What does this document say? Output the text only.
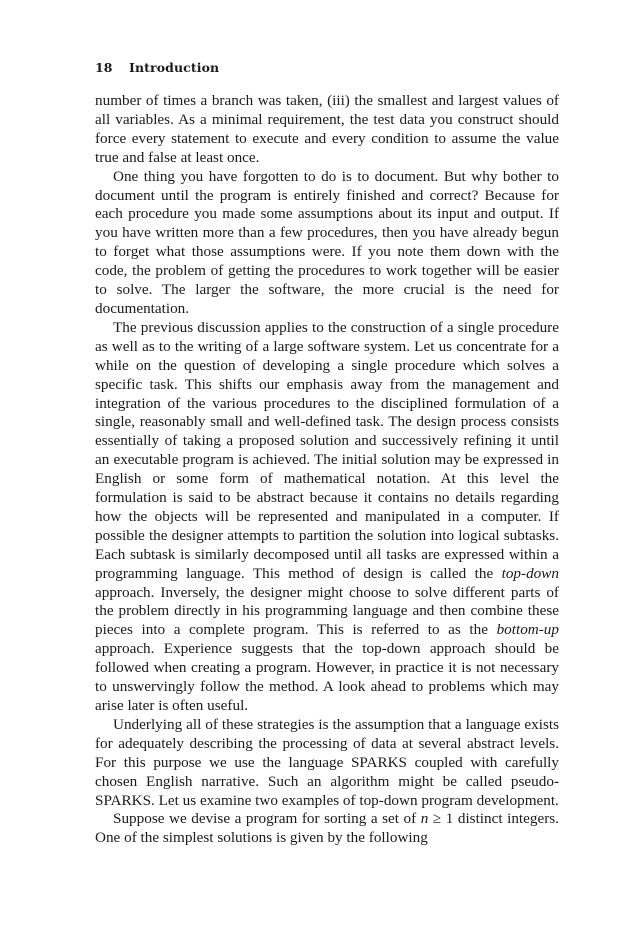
18 Introduction

number of times a branch was taken, (iii) the smallest and largest values of all variables. As a minimal requirement, the test data you construct should force every statement to execute and every condition to assume the value true and false at least once.

One thing you have forgotten to do is to document. But why bother to document until the program is entirely finished and correct? Because for each procedure you made some assumptions about its input and output. If you have written more than a few procedures, then you have already begun to forget what those assumptions were. If you note them down with the code, the problem of getting the procedures to work together will be easier to solve. The larger the software, the more crucial is the need for documentation.

The previous discussion applies to the construction of a single procedure as well as to the writing of a large software system. Let us concentrate for a while on the question of developing a single procedure which solves a specific task. This shifts our emphasis away from the management and integration of the various procedures to the disciplined formulation of a single, reasonably small and well-defined task. The design process consists essentially of taking a proposed solution and successively refining it until an executable program is achieved. The initial solution may be expressed in English or some form of mathematical notation. At this level the formulation is said to be abstract because it contains no details regarding how the objects will be represented and manipulated in a computer. If possible the designer attempts to partition the solution into logical subtasks. Each subtask is similarly decomposed until all tasks are expressed within a programming language. This method of design is called the top-down approach. Inversely, the designer might choose to solve different parts of the problem directly in his programming language and then combine these pieces into a complete program. This is referred to as the bottom-up approach. Experience suggests that the top-down approach should be followed when creating a program. However, in practice it is not necessary to unswervingly follow the method. A look ahead to problems which may arise later is often useful.

Underlying all of these strategies is the assumption that a language exists for adequately describing the processing of data at several abstract levels. For this purpose we use the language SPARKS coupled with carefully chosen English narrative. Such an algorithm might be called pseudo-SPARKS. Let us examine two examples of top-down program development.

Suppose we devise a program for sorting a set of n ≥ 1 distinct integers. One of the simplest solutions is given by the following
